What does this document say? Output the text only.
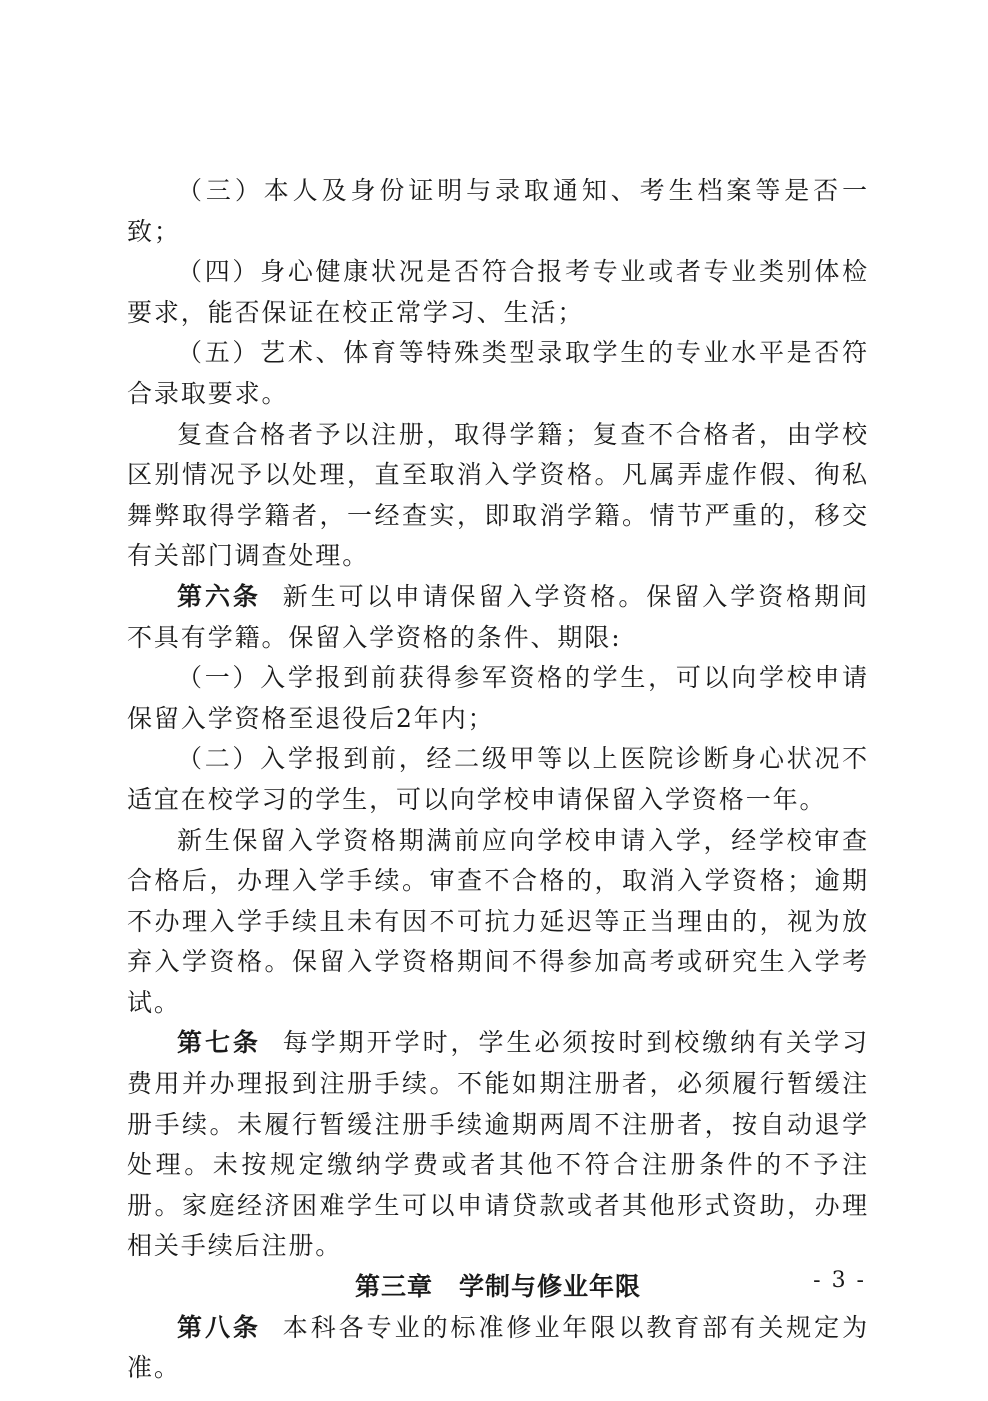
（三）本人及身份证明与录取通知、考生档案等是否一致；

（四）身心健康状况是否符合报考专业或者专业类别体检要求，能否保证在校正常学习、生活；

（五）艺术、体育等特殊类型录取学生的专业水平是否符合录取要求。

复查合格者予以注册，取得学籍；复查不合格者，由学校区别情况予以处理，直至取消入学资格。凡属弄虚作假、徇私舞弊取得学籍者，一经查实，即取消学籍。情节严重的，移交有关部门调查处理。

第六条 新生可以申请保留入学资格。保留入学资格期间不具有学籍。保留入学资格的条件、期限:

（一）入学报到前获得参军资格的学生，可以向学校申请保留入学资格至退役后2年内；

（二）入学报到前，经二级甲等以上医院诊断身心状况不适宜在校学习的学生，可以向学校申请保留入学资格一年。

新生保留入学资格期满前应向学校申请入学，经学校审查合格后，办理入学手续。审查不合格的，取消入学资格；逾期不办理入学手续且未有因不可抗力延迟等正当理由的，视为放弃入学资格。保留入学资格期间不得参加高考或研究生入学考试。

第七条 每学期开学时，学生必须按时到校缴纳有关学习费用并办理报到注册手续。不能如期注册者，必须履行暂缓注册手续。未履行暂缓注册手续逾期两周不注册者，按自动退学处理。未按规定缴纳学费或者其他不符合注册条件的不予注册。家庭经济困难学生可以申请贷款或者其他形式资助，办理相关手续后注册。

第三章　学制与修业年限

第八条 本科各专业的标准修业年限以教育部有关规定为准。

- 3 -
